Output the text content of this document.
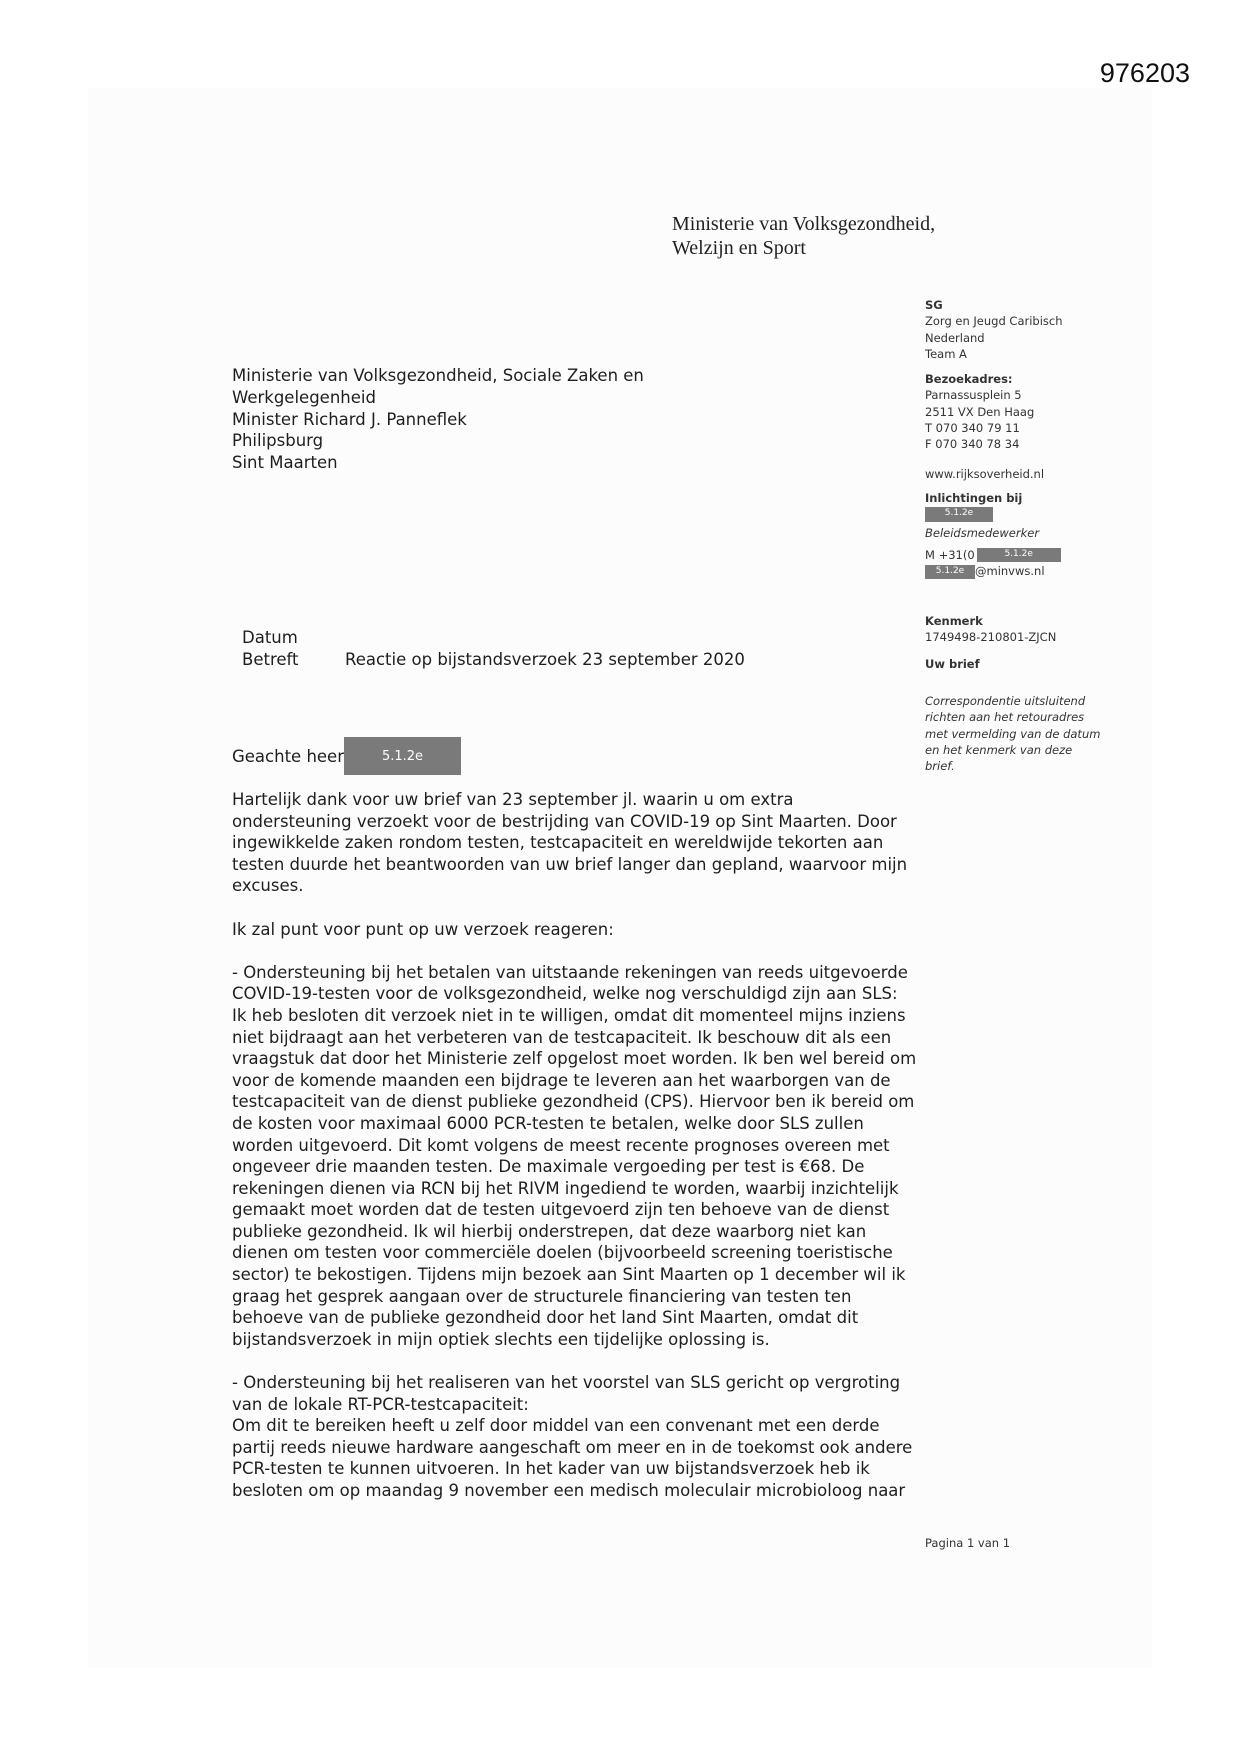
976203
Ministerie van Volksgezondheid,
Welzijn en Sport
SG
Zorg en Jeugd Caribisch
Nederland
Team A
Bezoekadres:
Parnassusplein 5
2511 VX Den Haag
T 070 340 79 11
F 070 340 78 34
www.rijksoverheid.nl
Inlichtingen bij
5.1.2e
Beleidsmedewerker
M +31(0	5.1.2e
5.1.2e @minvws.nl
Kenmerk
1749498-210801-ZJCN
Uw brief
Correspondentie uitsluitend
richten aan het retouradres
met vermelding van de datum
en het kenmerk van deze
brief.
Ministerie van Volksgezondheid, Sociale Zaken en
Werkgelegenheid
Minister Richard J. Panneflek
Philipsburg
Sint Maarten
Datum
Betreft	Reactie op bijstandsverzoek 23 september 2020
Geachte heer	5.1.2e
Hartelijk dank voor uw brief van 23 september jl. waarin u om extra
ondersteuning verzoekt voor de bestrijding van COVID-19 op Sint Maarten. Door
ingewikkelde zaken rondom testen, testcapaciteit en wereldwijde tekorten aan
testen duurde het beantwoorden van uw brief langer dan gepland, waarvoor mijn
excuses.
Ik zal punt voor punt op uw verzoek reageren:
- Ondersteuning bij het betalen van uitstaande rekeningen van reeds uitgevoerde
COVID-19-testen voor de volksgezondheid, welke nog verschuldigd zijn aan SLS:
Ik heb besloten dit verzoek niet in te willigen, omdat dit momenteel mijns inziens
niet bijdraagt aan het verbeteren van de testcapaciteit. Ik beschouw dit als een
vraagstuk dat door het Ministerie zelf opgelost moet worden. Ik ben wel bereid om
voor de komende maanden een bijdrage te leveren aan het waarborgen van de
testcapaciteit van de dienst publieke gezondheid (CPS). Hiervoor ben ik bereid om
de kosten voor maximaal 6000 PCR-testen te betalen, welke door SLS zullen
worden uitgevoerd. Dit komt volgens de meest recente prognoses overeen met
ongeveer drie maanden testen. De maximale vergoeding per test is €68. De
rekeningen dienen via RCN bij het RIVM ingediend te worden, waarbij inzichtelijk
gemaakt moet worden dat de testen uitgevoerd zijn ten behoeve van de dienst
publieke gezondheid. Ik wil hierbij onderstrepen, dat deze waarborg niet kan
dienen om testen voor commerciële doelen (bijvoorbeeld screening toeristische
sector) te bekostigen. Tijdens mijn bezoek aan Sint Maarten op 1 december wil ik
graag het gesprek aangaan over de structurele financiering van testen ten
behoeve van de publieke gezondheid door het land Sint Maarten, omdat dit
bijstandsverzoek in mijn optiek slechts een tijdelijke oplossing is.
- Ondersteuning bij het realiseren van het voorstel van SLS gericht op vergroting
van de lokale RT-PCR-testcapaciteit:
Om dit te bereiken heeft u zelf door middel van een convenant met een derde
partij reeds nieuwe hardware aangeschaft om meer en in de toekomst ook andere
PCR-testen te kunnen uitvoeren. In het kader van uw bijstandsverzoek heb ik
besloten om op maandag 9 november een medisch moleculair microbioloog naar
Pagina 1 van 1
